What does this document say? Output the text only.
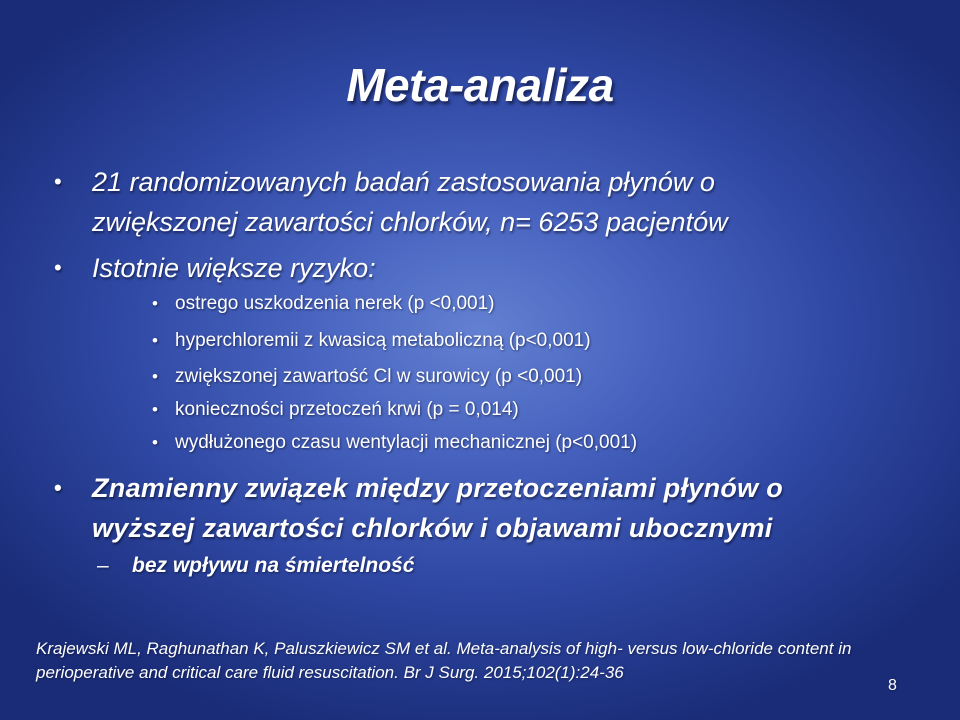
Meta-analiza
• 21 randomizowanych badań zastosowania płynów o
zwiększonej zawartości chlorków, n= 6253 pacjentów
• Istotnie większe ryzyko:
• ostrego uszkodzenia nerek (p <0,001)
• hyperchloremii z kwasicą metaboliczną (p<0,001)
• zwiększonej zawartość Cl w surowicy (p <0,001)
• konieczności przetoczeń krwi (p = 0,014)
• wydłużonego czasu wentylacji mechanicznej (p<0,001)
• Znamienny związek między przetoczeniami płynów o
wyższej zawartości chlorków i objawami ubocznymi
– bez wpływu na śmiertelność
Krajewski ML, Raghunathan K, Paluszkiewicz SM et al. Meta-analysis of high- versus low-chloride content in perioperative and critical care fluid resuscitation. Br J Surg. 2015;102(1):24-36
8
